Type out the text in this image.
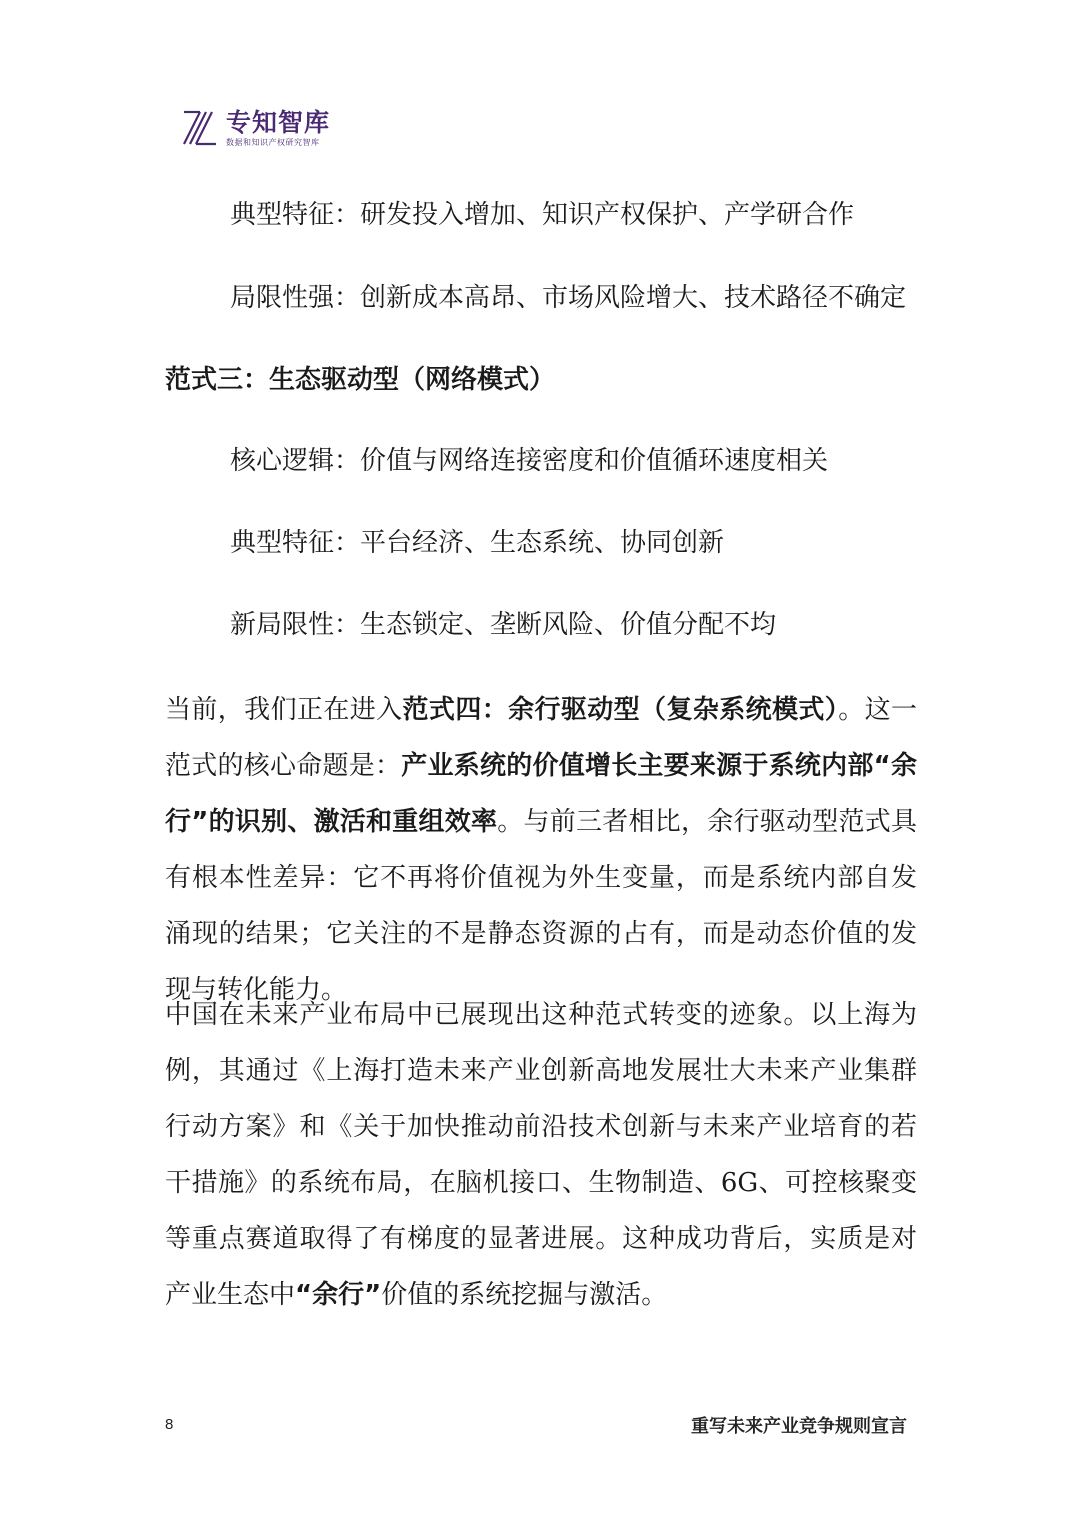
专知智库
数据和知识产权研究智库
典型特征：研发投入增加、知识产权保护、产学研合作
局限性强：创新成本高昂、市场风险增大、技术路径不确定
范式三：生态驱动型（网络模式）
核心逻辑：价值与网络连接密度和价值循环速度相关
典型特征：平台经济、生态系统、协同创新
新局限性：生态锁定、垄断风险、价值分配不均
当前，我们正在进入范式四：余行驱动型（复杂系统模式）。这一范式的核心命题是：产业系统的价值增长主要来源于系统内部“余行”的识别、激活和重组效率。与前三者相比，余行驱动型范式具有根本性差异：它不再将价值视为外生变量，而是系统内部自发涌现的结果；它关注的不是静态资源的占有，而是动态价值的发现与转化能力。
中国在未来产业布局中已展现出这种范式转变的迹象。以上海为例，其通过《上海打造未来产业创新高地发展壮大未来产业集群行动方案》和《关于加快推动前沿技术创新与未来产业培育的若干措施》的系统布局，在脑机接口、生物制造、6G、可控核聚变等重点赛道取得了有梯度的显著进展。这种成功背后，实质是对产业生态中“余行”价值的系统挖掘与激活。
8	重写未来产业竞争规则宣言
